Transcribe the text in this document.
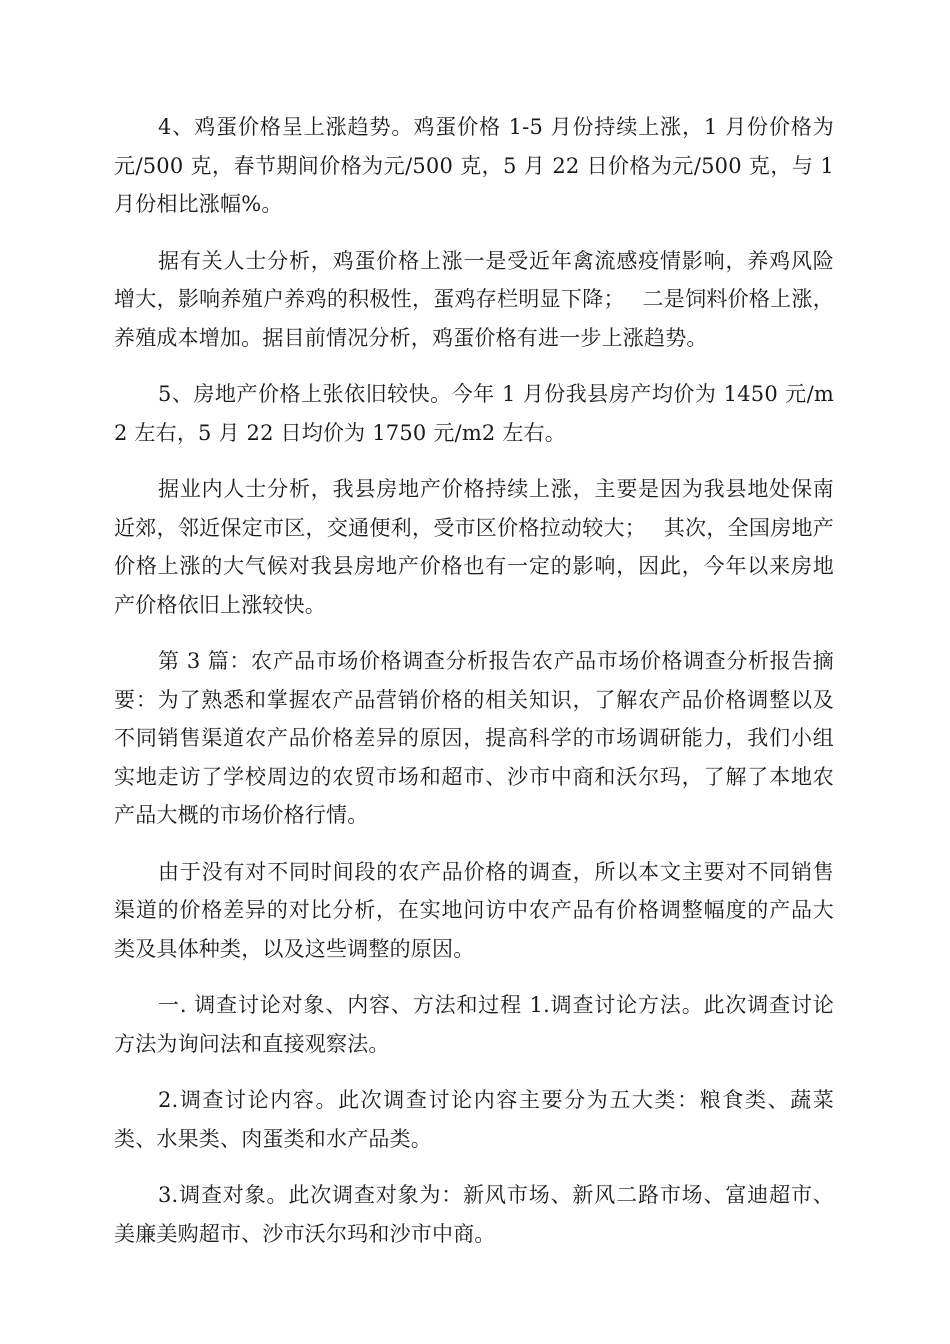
4、鸡蛋价格呈上涨趋势。鸡蛋价格 1-5 月份持续上涨，1 月份价格为元/500 克，春节期间价格为元/500 克，5 月 22 日价格为元/500 克，与 1 月份相比涨幅%。

据有关人士分析，鸡蛋价格上涨一是受近年禽流感疫情影响，养鸡风险增大，影响养殖户养鸡的积极性，蛋鸡存栏明显下降；　 二是饲料价格上涨，养殖成本增加。据目前情况分析，鸡蛋价格有进一步上涨趋势。

5、房地产价格上张依旧较快。今年 1 月份我县房产均价为 1450 元/m2 左右，5 月 22 日均价为 1750 元/m2 左右。

据业内人士分析，我县房地产价格持续上涨，主要是因为我县地处保南近郊，邻近保定市区，交通便利，受市区价格拉动较大；　 其次，全国房地产价格上涨的大气候对我县房地产价格也有一定的影响，因此，今年以来房地产价格依旧上涨较快。

第 3 篇：农产品市场价格调查分析报告农产品市场价格调查分析报告摘要：为了熟悉和掌握农产品营销价格的相关知识，了解农产品价格调整以及不同销售渠道农产品价格差异的原因，提高科学的市场调研能力，我们小组实地走访了学校周边的农贸市场和超市、沙市中商和沃尔玛，了解了本地农产品大概的市场价格行情。

由于没有对不同时间段的农产品价格的调查，所以本文主要对不同销售渠道的价格差异的对比分析，在实地问访中农产品有价格调整幅度的产品大类及具体种类，以及这些调整的原因。

一. 调查讨论对象、内容、方法和过程 1.调查讨论方法。此次调查讨论方法为询问法和直接观察法。

2.调查讨论内容。此次调查讨论内容主要分为五大类：粮食类、蔬菜类、水果类、肉蛋类和水产品类。

3.调查对象。此次调查对象为：新风市场、新风二路市场、富迪超市、美廉美购超市、沙市沃尔玛和沙市中商。
